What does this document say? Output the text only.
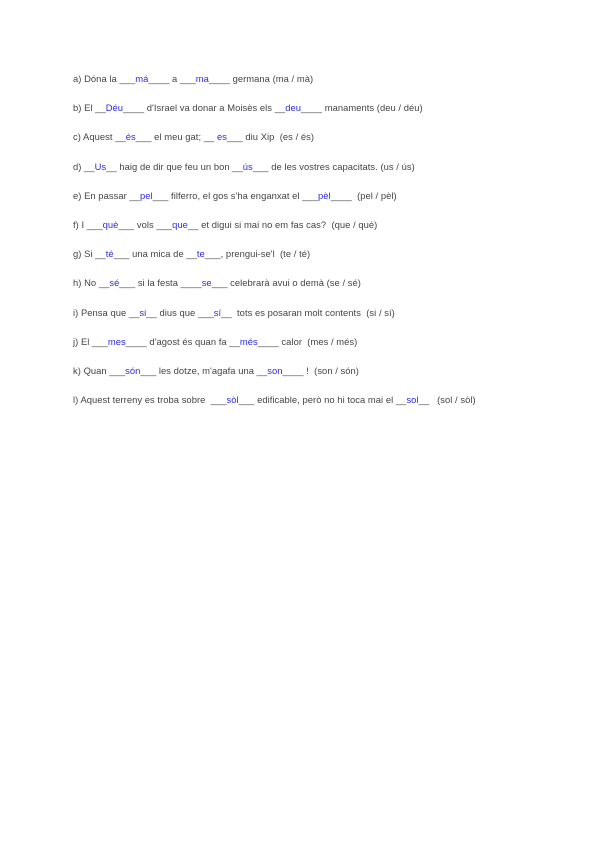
a) Dóna la ___má____ a ___ma____ germana (ma / mà)
b) El __Déu____ d'Israel va donar a Moisès els __deu____ manaments (deu / déu)
c) Aquest __és___ el meu gat; __ es___ diu Xip  (es / és)
d) __Us__ haig de dir que feu un bon __ús___ de les vostres capacitats. (us / ús)
e) En passar __pel___ filferro, el gos s'ha enganxat el ___pèl____  (pel / pèl)
f) I ___què___ vols ___que__ et digui si mai no em fas cas?  (que / què)
g) Si __té___ una mica de __te___, prengui-se'l  (te / té)
h) No __sé___ si la festa ____se___ celebrarà avui o demà (se / sé)
i) Pensa que __si__ dius que ___sí__  tots es posaran molt contents  (si / sí)
j) El ___mes____ d'agost és quan fa __més____ calor  (mes / més)
k) Quan ___són___ les dotze, m'agafa una __son____ !  (son / són)
l) Aquest terreny es troba sobre  ___sòl___ edificable, però no hi toca mai el __sol__   (sol / sòl)
